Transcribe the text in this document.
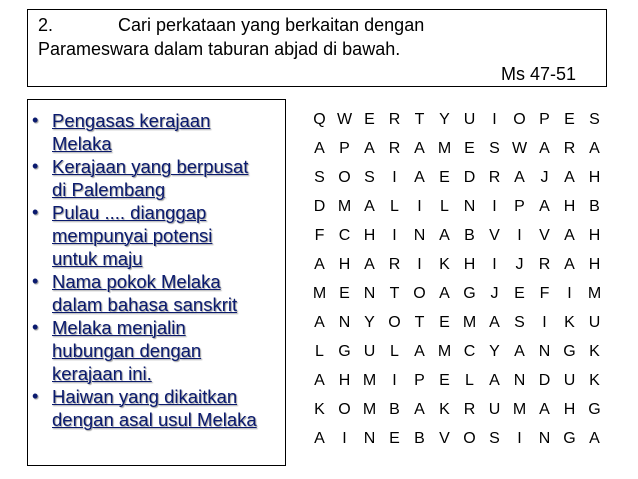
2.	Cari perkataan yang berkaitan dengan
Parameswara dalam taburan abjad di bawah.
Ms 47-51
• Pengasas kerajaan
Melaka
• Kerajaan yang berpusat
di Palembang
• Pulau .... dianggap
mempunyai potensi
untuk maju
• Nama pokok Melaka
dalam bahasa sanskrit
• Melaka menjalin
hubungan dengan
kerajaan ini.
• Haiwan yang dikaitkan
dengan asal usul Melaka
Q W E R T Y U	I	O P E S
A P A R A M E S W A R A
S O S	I	A E D R A J A H
D M A L	I	L N	I	P A H B
F C H	I	N A B V	I	V A H
A H A R	I	K H	I	J R A H
M E N T O A G J E F	I	M
A N Y O T E M A S	I	K U
L G U L A M C Y A N G K
A H M	I	P E L A N D U K
K O M B A K R U M A H G
A	I	N E B V O S	I	N G A
